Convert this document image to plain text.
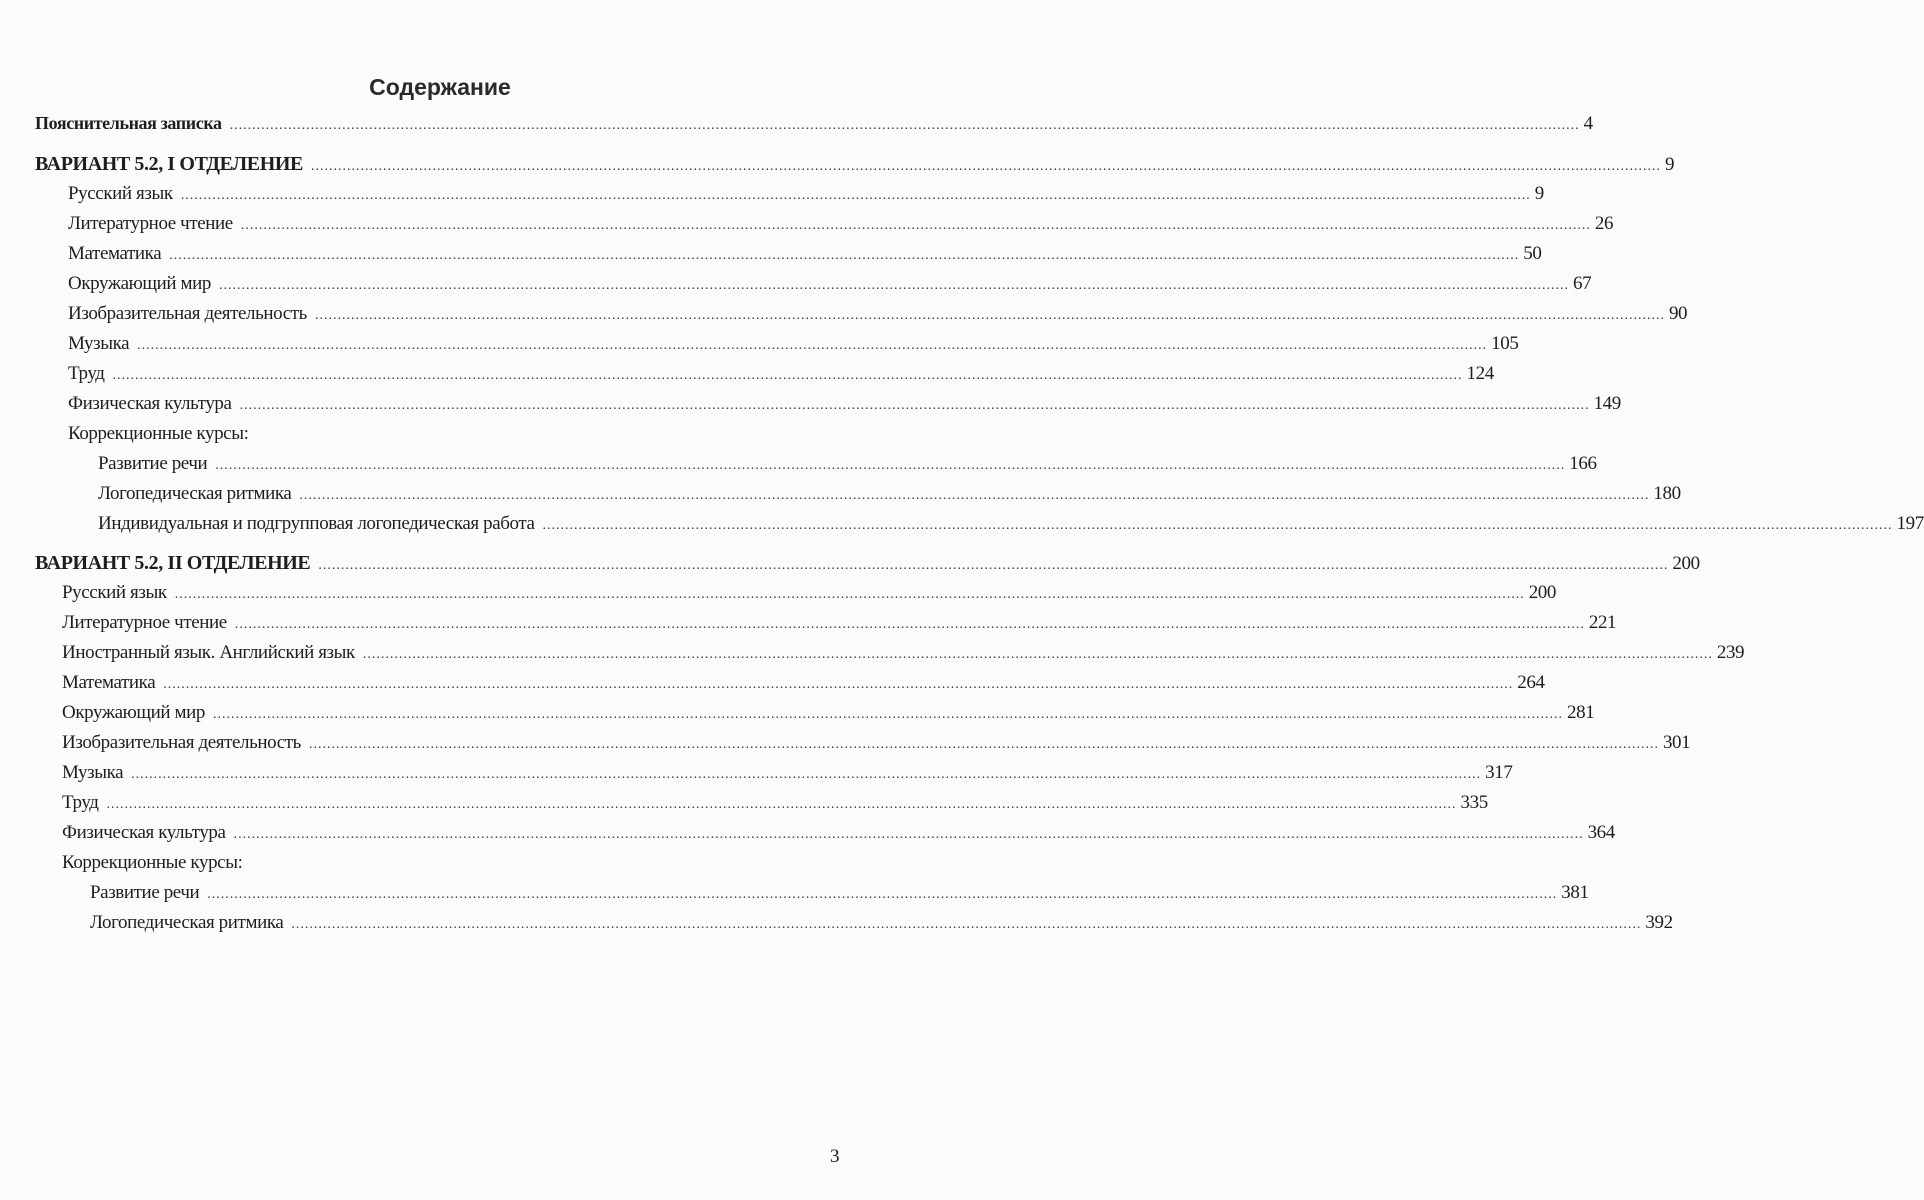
Содержание
Пояснительная записка ............................................................................................................................................................................................................................................................................................................ 4
ВАРИАНТ 5.2, I ОТДЕЛЕНИЕ ............................................................................................................................................................................................................................................................................................................ 9
Русский язык ............................................................................................................................................................................................................................................................................................................ 9
Литературное чтение ............................................................................................................................................................................................................................................................................................................ 26
Математика ............................................................................................................................................................................................................................................................................................................ 50
Окружающий мир ............................................................................................................................................................................................................................................................................................................ 67
Изобразительная деятельность ............................................................................................................................................................................................................................................................................................................ 90
Музыка ............................................................................................................................................................................................................................................................................................................ 105
Труд ............................................................................................................................................................................................................................................................................................................ 124
Физическая культура ............................................................................................................................................................................................................................................................................................................ 149
Коррекционные курсы:
Развитие речи ............................................................................................................................................................................................................................................................................................................ 166
Логопедическая ритмика ............................................................................................................................................................................................................................................................................................................ 180
Индивидуальная и подгрупповая логопедическая работа ............................................................................................................................................................................................................................................................................................................ 197
ВАРИАНТ 5.2, II ОТДЕЛЕНИЕ ............................................................................................................................................................................................................................................................................................................ 200
Русский язык ............................................................................................................................................................................................................................................................................................................ 200
Литературное чтение ............................................................................................................................................................................................................................................................................................................ 221
Иностранный язык. Английский язык ............................................................................................................................................................................................................................................................................................................ 239
Математика ............................................................................................................................................................................................................................................................................................................ 264
Окружающий мир ............................................................................................................................................................................................................................................................................................................ 281
Изобразительная деятельность ............................................................................................................................................................................................................................................................................................................ 301
Музыка ............................................................................................................................................................................................................................................................................................................ 317
Труд ............................................................................................................................................................................................................................................................................................................ 335
Физическая культура ............................................................................................................................................................................................................................................................................................................ 364
Коррекционные курсы:
Развитие речи ............................................................................................................................................................................................................................................................................................................ 381
Логопедическая ритмика ............................................................................................................................................................................................................................................................................................................ 392
3
